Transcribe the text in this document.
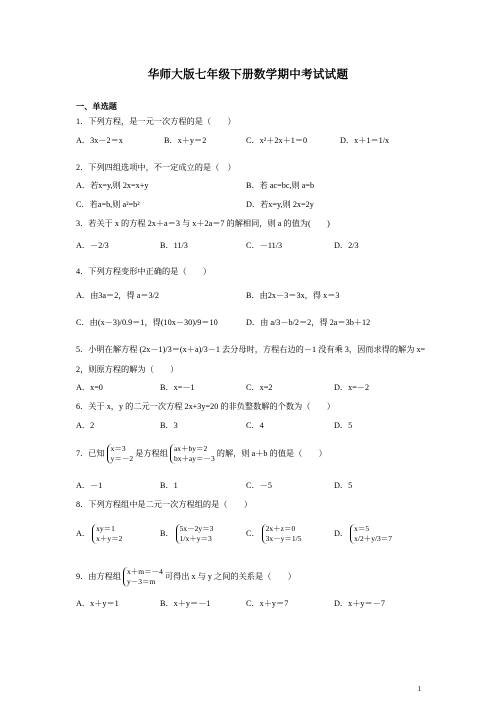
华师大版七年级下册数学期中考试试题
一、单选题
1．下列方程，是一元一次方程的是（　　）
A．3x－2＝x	B．x＋y＝2	C．x²＋2x＋1＝0	D．x＋1＝1/x
2．下列四组选项中，不一定成立的是（　）
A．若x=y,则 2x=x+y	B．若 ac=bc,则 a=b
C．若a=b,则 a²=b²	D．若x=y,则 2x=2y
3．若关于 x 的方程 2x＋a＝3 与 x＋2a＝7 的解相同，则 a 的值为(　　)
A．－2/3	B．11/3	C．－11/3	D．2/3
4．下列方程变形中正确的是（　　）
A．由3a＝2，得 a＝3/2	B．由2x－3＝3x，得 x＝3
C．由(x－3)/0.9＝1，得(10x－30)/9＝10	D．由 a/3－b/2＝2，得 2a＝3b＋12
5．小明在解方程 (2x－1)/3＝(x＋a)/3－1 去分母时，方程右边的－1 没有乘 3，因而求得的解为 x=
2，则原方程的解为（　　）
A．x=0	B．x=－1	C．x=2	D．x=－2
6．关于 x，y 的二元一次方程 2x+3y=20 的非负整数解的个数为（　　）
A．2	B．3	C．4	D．5
7．已知
x＝3
y＝－2
是方程组
ax＋by＝2
bx＋ay＝－3
的解，则 a＋b 的值是（　　）
A．－1	B．1	C．－5	D．5
8．下列方程组中是二元一次方程组的是（　　）
A．
xy＝1
x＋y＝2
B．
5x－2y＝3
1/x＋y＝3
C．
2x＋z＝0
3x－y＝1/5
D．
x＝5
x/2＋y/3＝7
9．由方程组
x＋m＝－4
y－3＝m
可得出 x 与 y 之间的关系是（　　）
A．x＋y＝1	B．x＋y＝－1	C．x＋y＝7	D．x＋y＝－7
1
